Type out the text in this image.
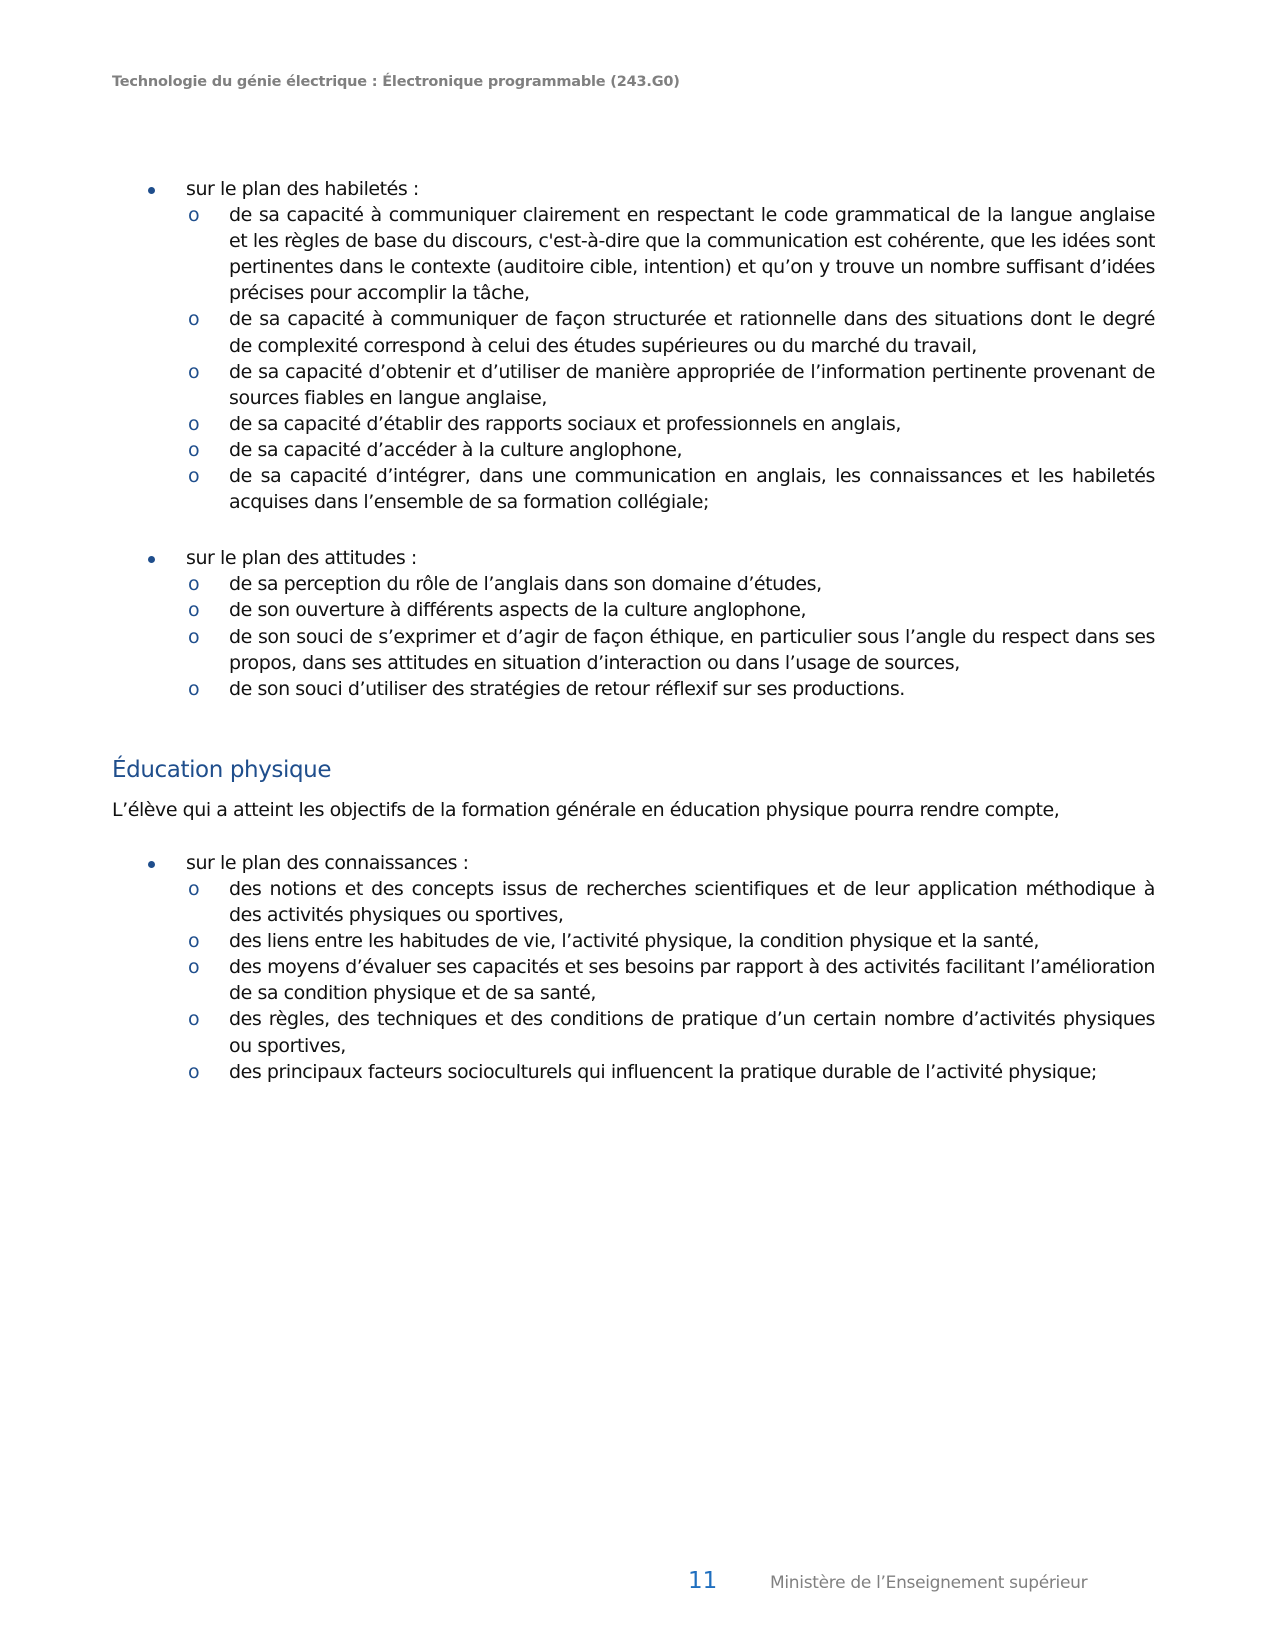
Technologie du génie électrique : Électronique programmable (243.G0)
sur le plan des habiletés :
o de sa capacité à communiquer clairement en respectant le code grammatical de la langue anglaise et les règles de base du discours, c'est-à-dire que la communication est cohérente, que les idées sont pertinentes dans le contexte (auditoire cible, intention) et qu’on y trouve un nombre suffisant d’idées précises pour accomplir la tâche,
o de sa capacité à communiquer de façon structurée et rationnelle dans des situations dont le degré de complexité correspond à celui des études supérieures ou du marché du travail,
o de sa capacité d’obtenir et d’utiliser de manière appropriée de l’information pertinente provenant de sources fiables en langue anglaise,
o de sa capacité d’établir des rapports sociaux et professionnels en anglais,
o de sa capacité d’accéder à la culture anglophone,
o de sa capacité d’intégrer, dans une communication en anglais, les connaissances et les habiletés acquises dans l’ensemble de sa formation collégiale;
sur le plan des attitudes :
o de sa perception du rôle de l’anglais dans son domaine d’études,
o de son ouverture à différents aspects de la culture anglophone,
o de son souci de s’exprimer et d’agir de façon éthique, en particulier sous l’angle du respect dans ses propos, dans ses attitudes en situation d’interaction ou dans l’usage de sources,
o de son souci d’utiliser des stratégies de retour réflexif sur ses productions.
Éducation physique

L’élève qui a atteint les objectifs de la formation générale en éducation physique pourra rendre compte,

sur le plan des connaissances :
o des notions et des concepts issus de recherches scientifiques et de leur application méthodique à des activités physiques ou sportives,
o des liens entre les habitudes de vie, l’activité physique, la condition physique et la santé,
o des moyens d’évaluer ses capacités et ses besoins par rapport à des activités facilitant l’amélioration de sa condition physique et de sa santé,
o des règles, des techniques et des conditions de pratique d’un certain nombre d’activités physiques ou sportives,
o des principaux facteurs socioculturels qui influencent la pratique durable de l’activité physique;
11	Ministère de l’Enseignement supérieur
